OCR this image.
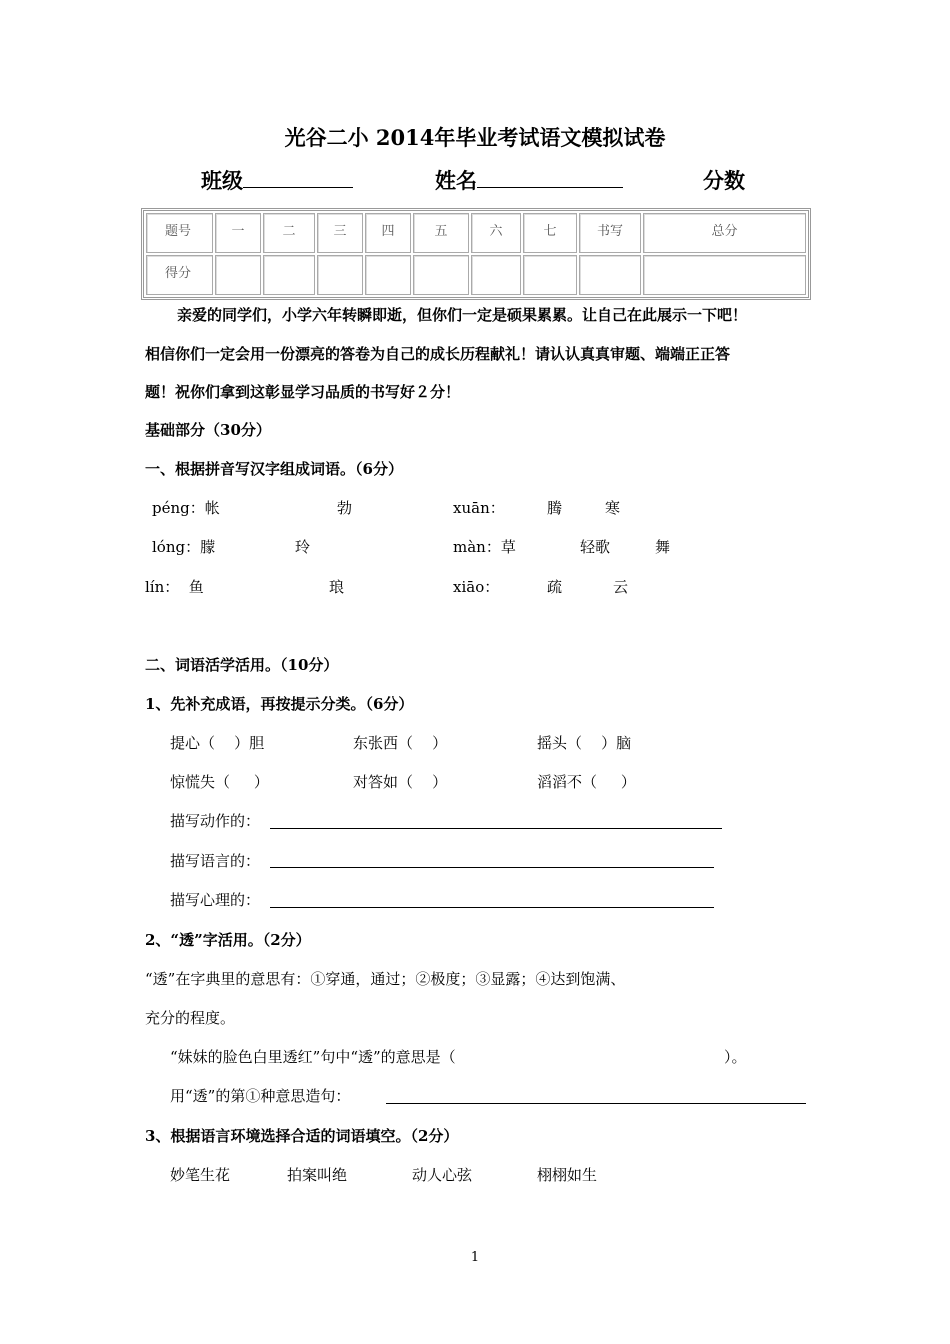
光谷二小 2014年毕业考试语文模拟试卷
班级	姓名	分数
题号	一	二	三	四	五	六	七	书写	总分
得分									
亲爱的同学们，小学六年转瞬即逝，但你们一定是硕果累累。让自己在此展示一下吧！
相信你们一定会用一份漂亮的答卷为自己的成长历程献礼！请认认真真审题、端端正正答
题！祝你们拿到这彰显学习品质的书写好２分！
基础部分（30分）
一、根据拼音写汉字组成词语。（6分）
péng：帐	勃	xuān：	腾	寒
lóng：朦	玲	màn：草	轻歌	舞
lín：  鱼	琅	xiāo：	疏	云
二、词语活学活用。（10分）
1、先补充成语，再按提示分类。（6分）
提心（    ）胆	东张西（    ）	摇头（    ）脑
惊慌失（     ）	对答如（    ）	滔滔不（     ）
描写动作的：
描写语言的：
描写心理的：
2、“透”字活用。（2分）
“透”在字典里的意思有：①穿通，通过；②极度；③显露；④达到饱满、
充分的程度。
“妹妹的脸色白里透红”句中“透”的意思是（	）。
用“透”的第①种意思造句：
3、根据语言环境选择合适的词语填空。（2分）
妙笔生花	拍案叫绝	动人心弦	栩栩如生
1
